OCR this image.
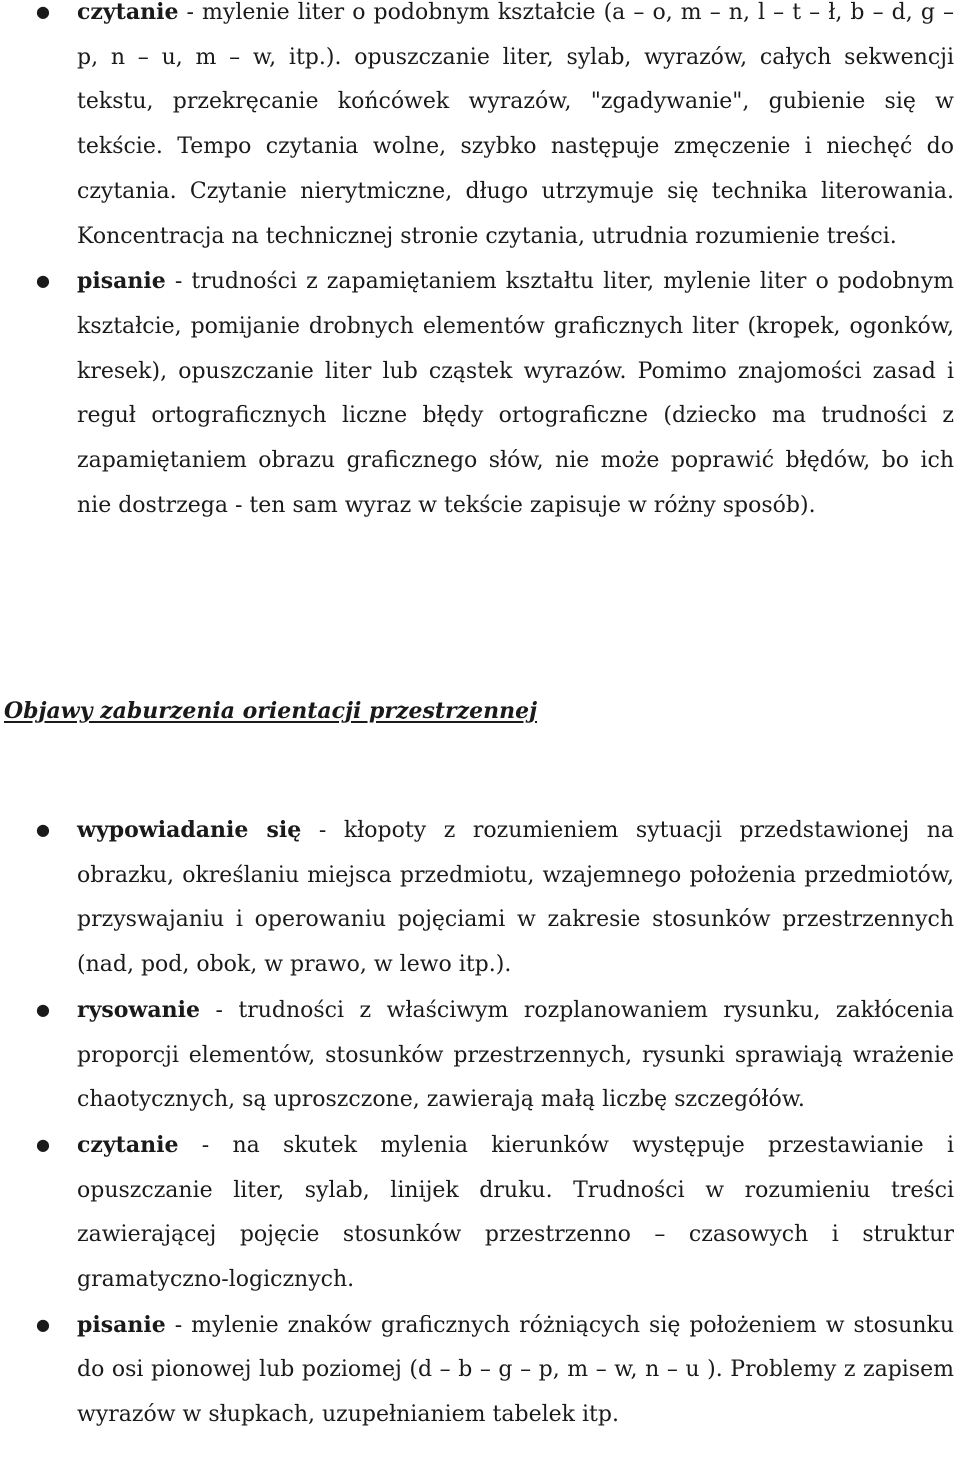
● czytanie - mylenie liter o podobnym kształcie (a – o, m – n, l – t – ł, b – d, g – p, n – u, m – w, itp.). opuszczanie liter, sylab, wyrazów, całych sekwencji tekstu, przekręcanie końcówek wyrazów, "zgadywanie", gubienie się w tekście. Tempo czytania wolne, szybko następuje zmęczenie i niechęć do czytania. Czytanie nierytmiczne, długo utrzymuje się technika literowania. Koncentracja na technicznej stronie czytania, utrudnia rozumienie treści.
● pisanie - trudności z zapamiętaniem kształtu liter, mylenie liter o podobnym kształcie, pomijanie drobnych elementów graficznych liter (kropek, ogonków, kresek), opuszczanie liter lub cząstek wyrazów. Pomimo znajomości zasad i reguł ortograficznych liczne błędy ortograficzne (dziecko ma trudności z zapamiętaniem obrazu graficznego słów, nie może poprawić błędów, bo ich nie dostrzega - ten sam wyraz w tekście zapisuje w różny sposób).
Objawy zaburzenia orientacji przestrzennej
● wypowiadanie się - kłopoty z rozumieniem sytuacji przedstawionej na obrazku, określaniu miejsca przedmiotu, wzajemnego położenia przedmiotów, przyswajaniu i operowaniu pojęciami w zakresie stosunków przestrzennych (nad, pod, obok, w prawo, w lewo itp.).
● rysowanie - trudności z właściwym rozplanowaniem rysunku, zakłócenia proporcji elementów, stosunków przestrzennych, rysunki sprawiają wrażenie chaotycznych, są uproszczone, zawierają małą liczbę szczegółów.
● czytanie - na skutek mylenia kierunków występuje przestawianie i opuszczanie liter, sylab, linijek druku. Trudności w rozumieniu treści zawierającej pojęcie stosunków przestrzenno – czasowych i struktur gramatyczno-logicznych.
● pisanie - mylenie znaków graficznych różniących się położeniem w stosunku do osi pionowej lub poziomej (d – b – g – p, m – w, n – u ). Problemy z zapisem wyrazów w słupkach, uzupełnianiem tabelek itp.
